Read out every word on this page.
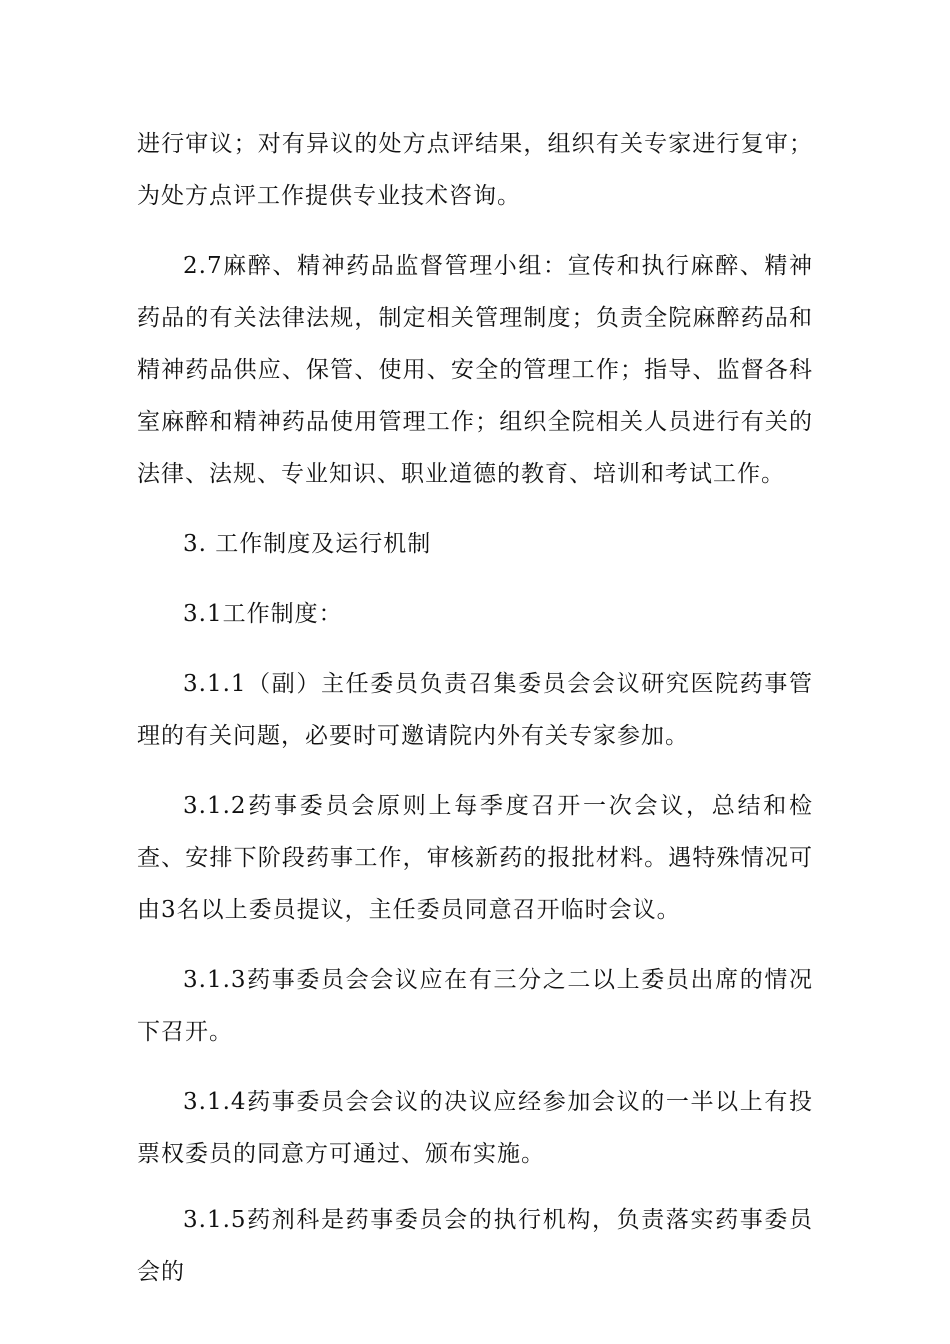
进行审议；对有异议的处方点评结果，组织有关专家进行复审；为处方点评工作提供专业技术咨询。

2.7麻醉、精神药品监督管理小组：宣传和执行麻醉、精神药品的有关法律法规，制定相关管理制度；负责全院麻醉药品和精神药品供应、保管、使用、安全的管理工作；指导、监督各科室麻醉和精神药品使用管理工作；组织全院相关人员进行有关的法律、法规、专业知识、职业道德的教育、培训和考试工作。

3. 工作制度及运行机制

3.1工作制度：

3.1.1（副）主任委员负责召集委员会会议研究医院药事管理的有关问题，必要时可邀请院内外有关专家参加。

3.1.2药事委员会原则上每季度召开一次会议，总结和检查、安排下阶段药事工作，审核新药的报批材料。遇特殊情况可由3名以上委员提议，主任委员同意召开临时会议。

3.1.3药事委员会会议应在有三分之二以上委员出席的情况下召开。

3.1.4药事委员会会议的决议应经参加会议的一半以上有投票权委员的同意方可通过、颁布实施。

3.1.5药剂科是药事委员会的执行机构，负责落实药事委员会的
